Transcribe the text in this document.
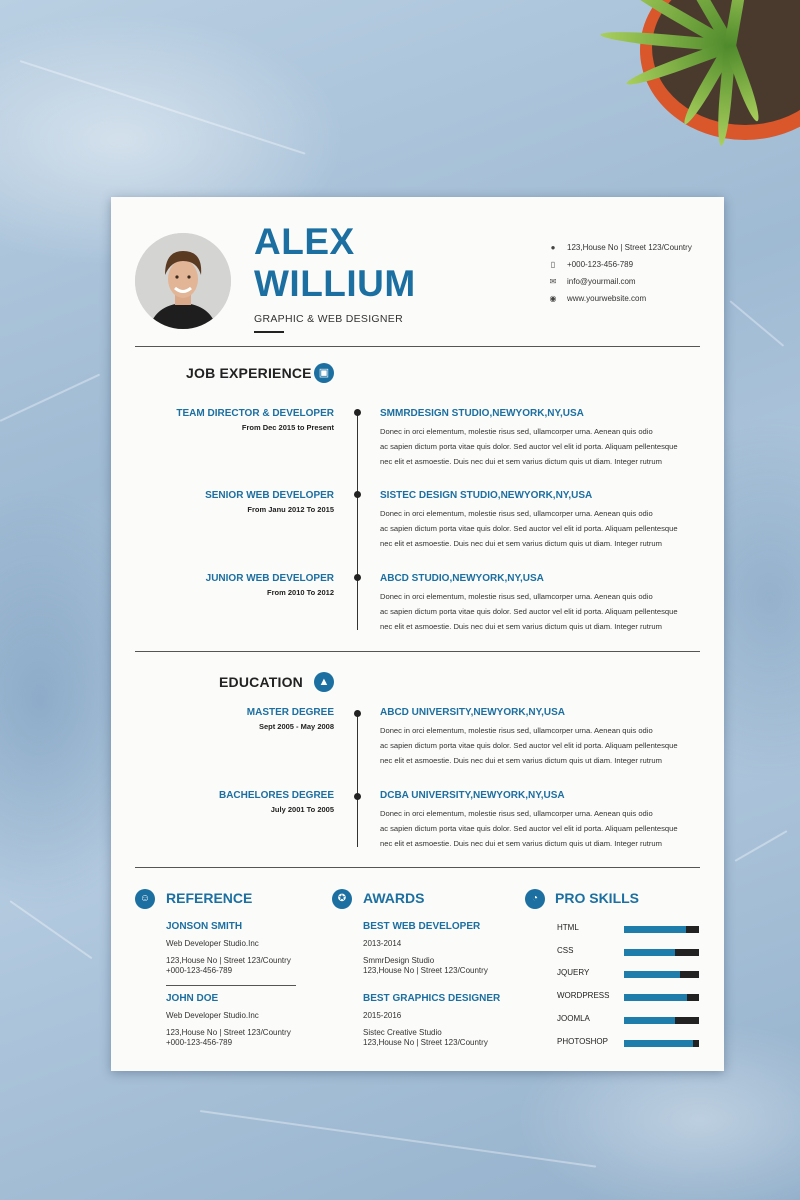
ALEX
WILLIUM
GRAPHIC & WEB DESIGNER
●	123,House No | Street 123/Country
▯	+000-123-456-789
✉ info@yourmail.com
◉ www.yourwebsite.com
JOB EXPERIENCE ▣
TEAM DIRECTOR & DEVELOPER
From Dec 2015 to Present
SMMRDESIGN STUDIO,NEWYORK,NY,USA
Donec in orci elementum, molestie risus sed, ullamcorper urna. Aenean quis odio
ac sapien dictum porta vitae quis dolor. Sed auctor vel elit id porta. Aliquam pellentesque
nec elit et asmoestie. Duis nec dui et sem varius dictum quis ut diam. Integer rutrum
SENIOR WEB DEVELOPER
From Janu 2012 To 2015
SISTEC DESIGN STUDIO,NEWYORK,NY,USA
Donec in orci elementum, molestie risus sed, ullamcorper urna. Aenean quis odio
ac sapien dictum porta vitae quis dolor. Sed auctor vel elit id porta. Aliquam pellentesque
nec elit et asmoestie. Duis nec dui et sem varius dictum quis ut diam. Integer rutrum
JUNIOR WEB DEVELOPER
From 2010 To 2012
ABCD STUDIO,NEWYORK,NY,USA
Donec in orci elementum, molestie risus sed, ullamcorper urna. Aenean quis odio
ac sapien dictum porta vitae quis dolor. Sed auctor vel elit id porta. Aliquam pellentesque
nec elit et asmoestie. Duis nec dui et sem varius dictum quis ut diam. Integer rutrum
EDUCATION	▲
MASTER DEGREE
Sept 2005 - May 2008
ABCD UNIVERSITY,NEWYORK,NY,USA
Donec in orci elementum, molestie risus sed, ullamcorper urna. Aenean quis odio
ac sapien dictum porta vitae quis dolor. Sed auctor vel elit id porta. Aliquam pellentesque
nec elit et asmoestie. Duis nec dui et sem varius dictum quis ut diam. Integer rutrum
BACHELORES DEGREE
July 2001 To 2005
DCBA UNIVERSITY,NEWYORK,NY,USA
Donec in orci elementum, molestie risus sed, ullamcorper urna. Aenean quis odio
ac sapien dictum porta vitae quis dolor. Sed auctor vel elit id porta. Aliquam pellentesque
nec elit et asmoestie. Duis nec dui et sem varius dictum quis ut diam. Integer rutrum
☺	REFERENCE
JONSON SMITH
Web Developer Studio.Inc
123,House No | Street 123/Country
+000-123-456-789
JOHN DOE
Web Developer Studio.Inc
123,House No | Street 123/Country
+000-123-456-789
✪	AWARDS
BEST WEB DEVELOPER
2013-2014
SmmrDesign Studio
123,House No | Street 123/Country
BEST GRAPHICS DESIGNER
2015-2016
Sistec Creative Studio
123,House No | Street 123/Country
◔	PRO SKILLS
HTML
CSS
JQUERY
WORDPRESS
JOOMLA
PHOTOSHOP
